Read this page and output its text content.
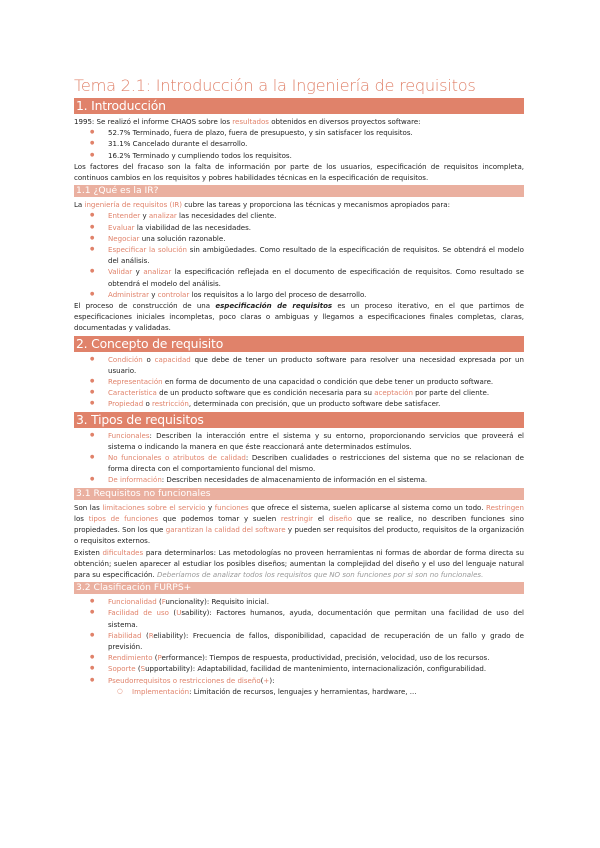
Tema 2.1: Introducción a la Ingeniería de requisitos
1. Introducción

1995: Se realizó el informe CHAOS sobre los resultados obtenidos en diversos proyectos software:

● 52.7% Terminado, fuera de plazo, fuera de presupuesto, y sin satisfacer los requisitos.
● 31.1% Cancelado durante el desarrollo.
● 16.2% Terminado y cumpliendo todos los requisitos.

Los factores del fracaso son la falta de información por parte de los usuarios, especificación de requisitos incompleta, continuos cambios en los requisitos y pobres habilidades técnicas en la especificación de requisitos.

1.1 ¿Qué es la IR?

La ingeniería de requisitos (IR) cubre las tareas y proporciona las técnicas y mecanismos apropiados para:

● Entender y analizar las necesidades del cliente.
● Evaluar la viabilidad de las necesidades.
● Negociar una solución razonable.
● Especificar la solución sin ambigüedades. Como resultado de la especificación de requisitos. Se obtendrá el modelo del análisis.
● Validar y analizar la especificación reflejada en el documento de especificación de requisitos. Como resultado se obtendrá el modelo del análisis.
● Administrar y controlar los requisitos a lo largo del proceso de desarrollo.

El proceso de construcción de una especificación de requisitos es un proceso iterativo, en el que partimos de especificaciones iniciales incompletas, poco claras o ambiguas y llegamos a especificaciones finales completas, claras, documentadas y validadas.

2. Concepto de requisito
● Condición o capacidad que debe de tener un producto software para resolver una necesidad expresada por un usuario.
● Representación en forma de documento de una capacidad o condición que debe tener un producto software.
● Característica de un producto software que es condición necesaria para su aceptación por parte del cliente.
● Propiedad o restricción, determinada con precisión, que un producto software debe satisfacer.
3. Tipos de requisitos
● Funcionales: Describen la interacción entre el sistema y su entorno, proporcionando servicios que proveerá el sistema o indicando la manera en que éste reaccionará ante determinados estímulos.
● No funcionales o atributos de calidad: Describen cualidades o restricciones del sistema que no se relacionan de forma directa con el comportamiento funcional del mismo.
● De información: Describen necesidades de almacenamiento de información en el sistema.
3.1 Requisitos no funcionales

Son las limitaciones sobre el servicio y funciones que ofrece el sistema, suelen aplicarse al sistema como un todo. Restringen los tipos de funciones que podemos tomar y suelen restringir el diseño que se realice, no describen funciones sino propiedades. Son los que garantizan la calidad del software y pueden ser requisitos del producto, requisitos de la organización o requisitos externos.

Existen dificultades para determinarlos: Las metodologías no proveen herramientas ni formas de abordar de forma directa su obtención; suelen aparecer al estudiar los posibles diseños; aumentan la complejidad del diseño y el uso del lenguaje natural para su especificación. Deberíamos de analizar todos los requisitos que NO son funciones por si son no funcionales.

3.2 Clasificación FURPS+
● Funcionalidad (Funcionality): Requisito inicial.
● Facilidad de uso (Usability): Factores humanos, ayuda, documentación que permitan una facilidad de uso del sistema.
● Fiabilidad (Reliability): Frecuencia de fallos, disponibilidad, capacidad de recuperación de un fallo y grado de previsión.
● Rendimiento (Performance): Tiempos de respuesta, productividad, precisión, velocidad, uso de los recursos.
● Soporte (Supportability): Adaptabilidad, facilidad de mantenimiento, internacionalización, configurabilidad.
● Pseudorrequisitos o restricciones de diseño(+):
○ Implementación: Limitación de recursos, lenguajes y herramientas, hardware, ...
